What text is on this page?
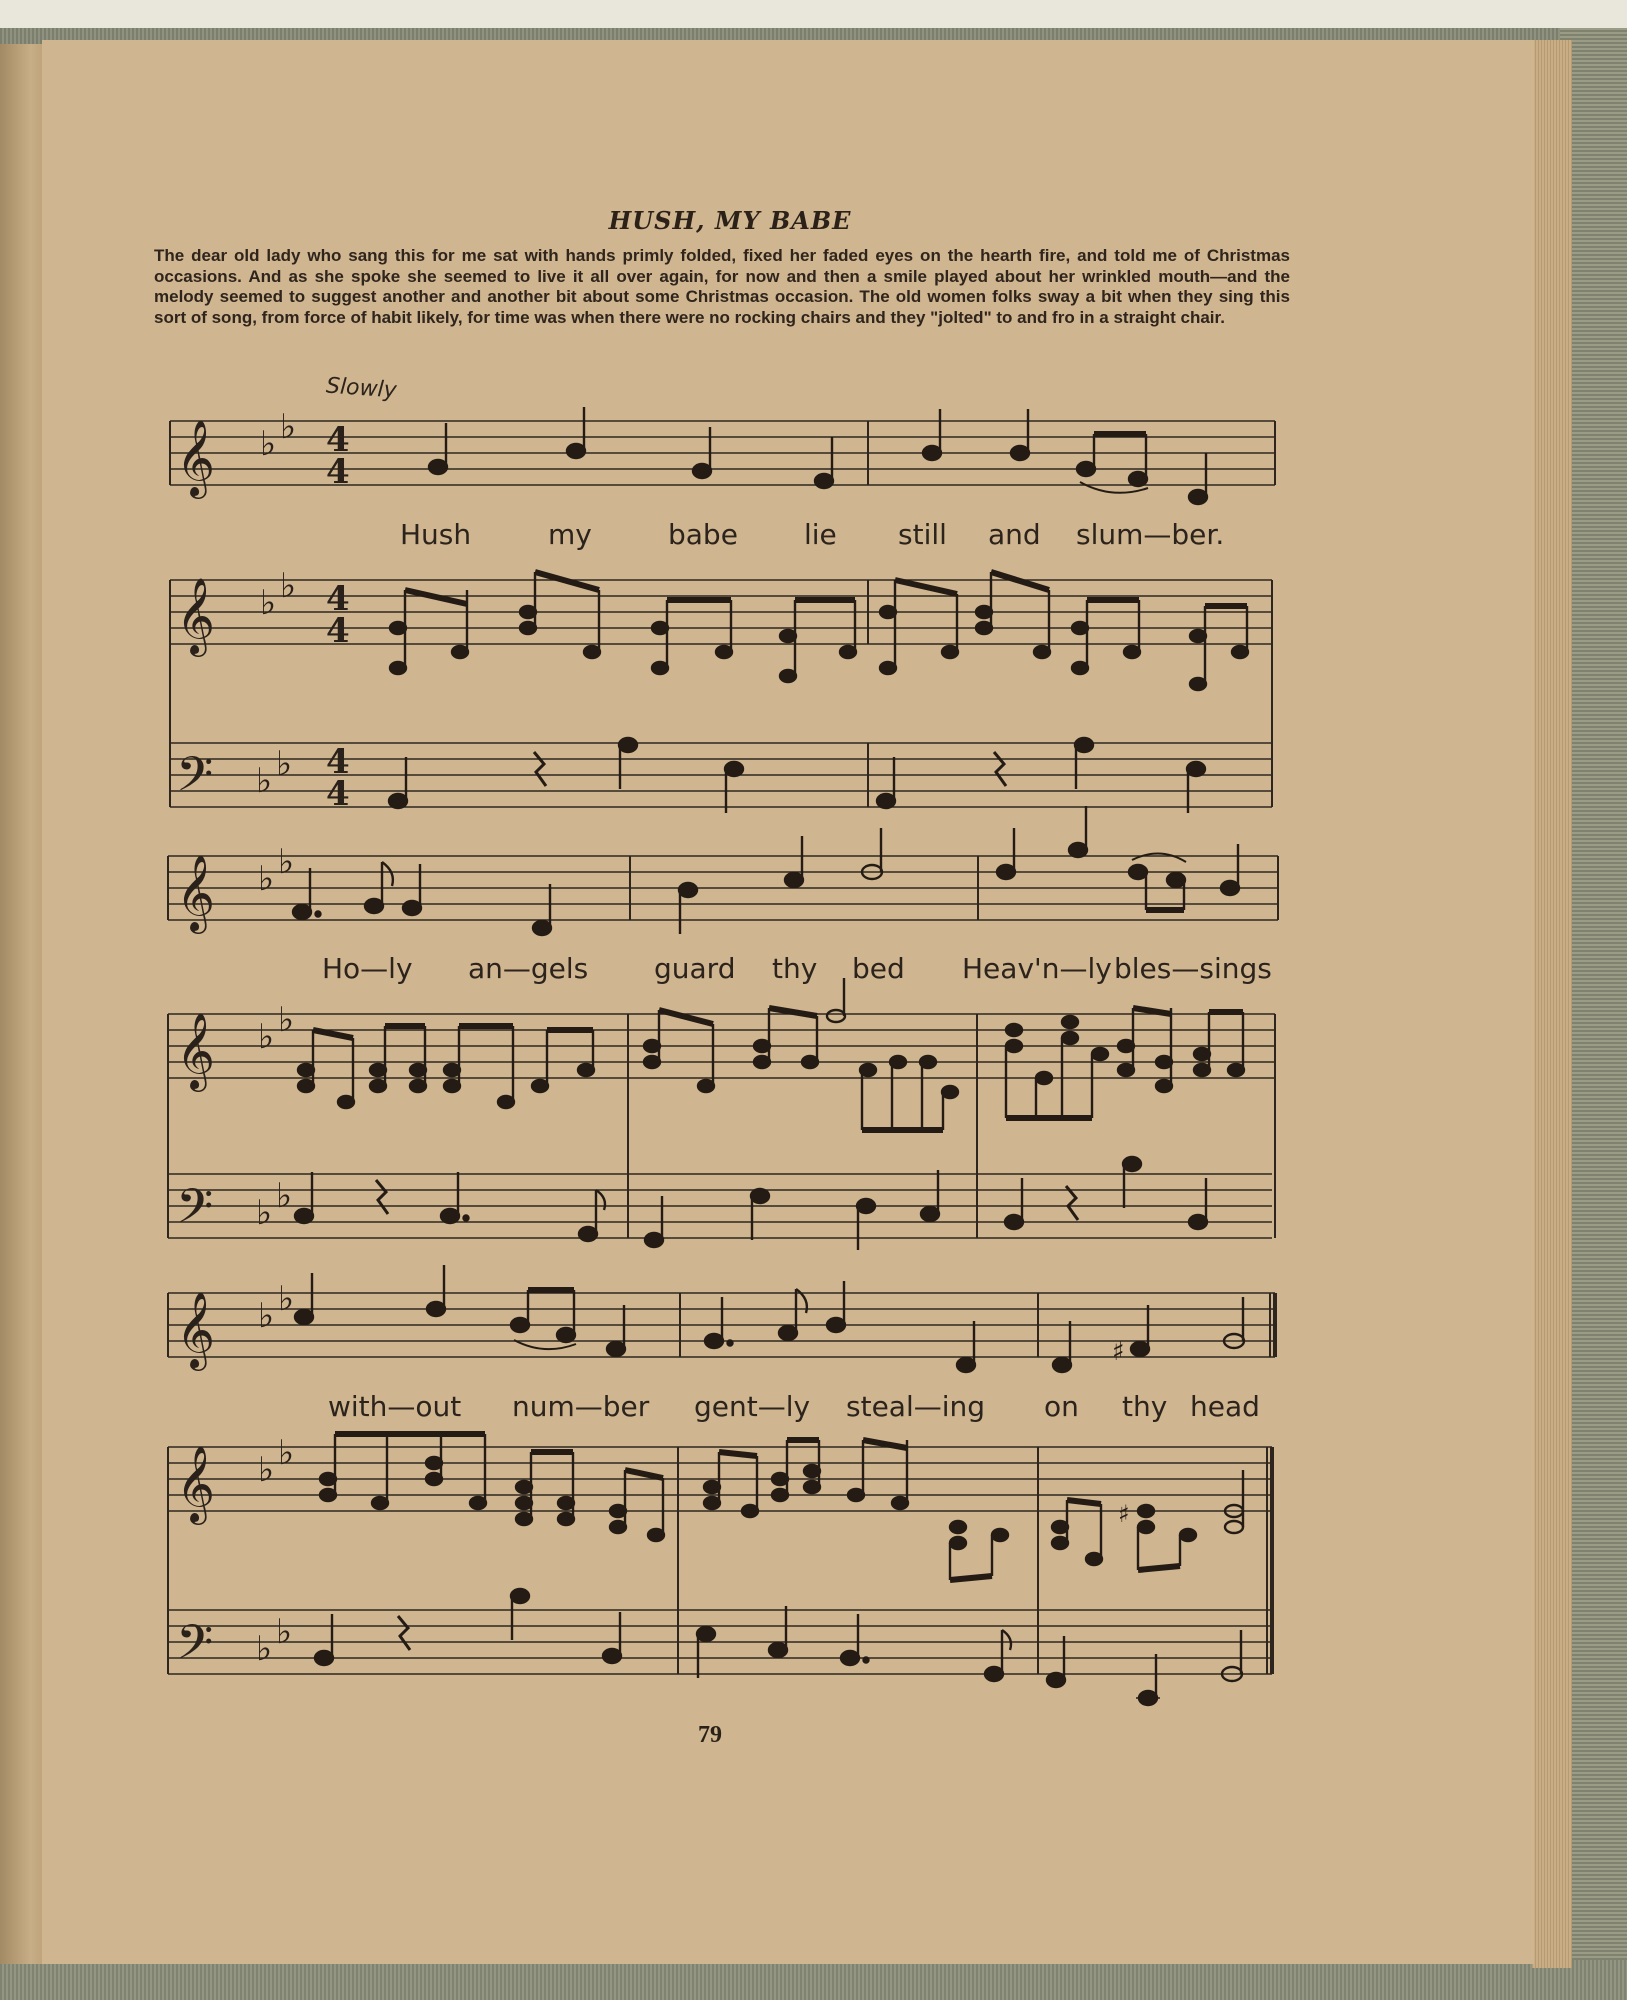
HUSH, MY BABE
The dear old lady who sang this for me sat with hands primly folded, fixed her faded eyes on the hearth fire, and told me of Christmas occasions. And as she spoke she seemed to live it all over again, for now and then a smile played about her wrinkled mouth—and the melody seemed to suggest another and another bit about some Christmas occasion. The old women folks sway a bit when they sing this sort of song, from force of habit likely, for time was when there were no rocking chairs and they "jolted" to and fro in a straight chair.
Slowly
𝄞
𝄞
𝄢
𝄞
𝄞
𝄢
𝄞
𝄞
𝄢
♭ ♭
♭ ♭
♭ ♭
♭ ♭
♭ ♭
♭ ♭
♭ ♭
♭ ♭
♭ ♭
4
4
4
4
4
4
♯
♯
Hush	my	babe lie still and slum—ber.
Ho—ly an—gels guard thy bed Heav'n—ly bles—sings
with—out num—ber gent—ly steal—ing on thy head
79
